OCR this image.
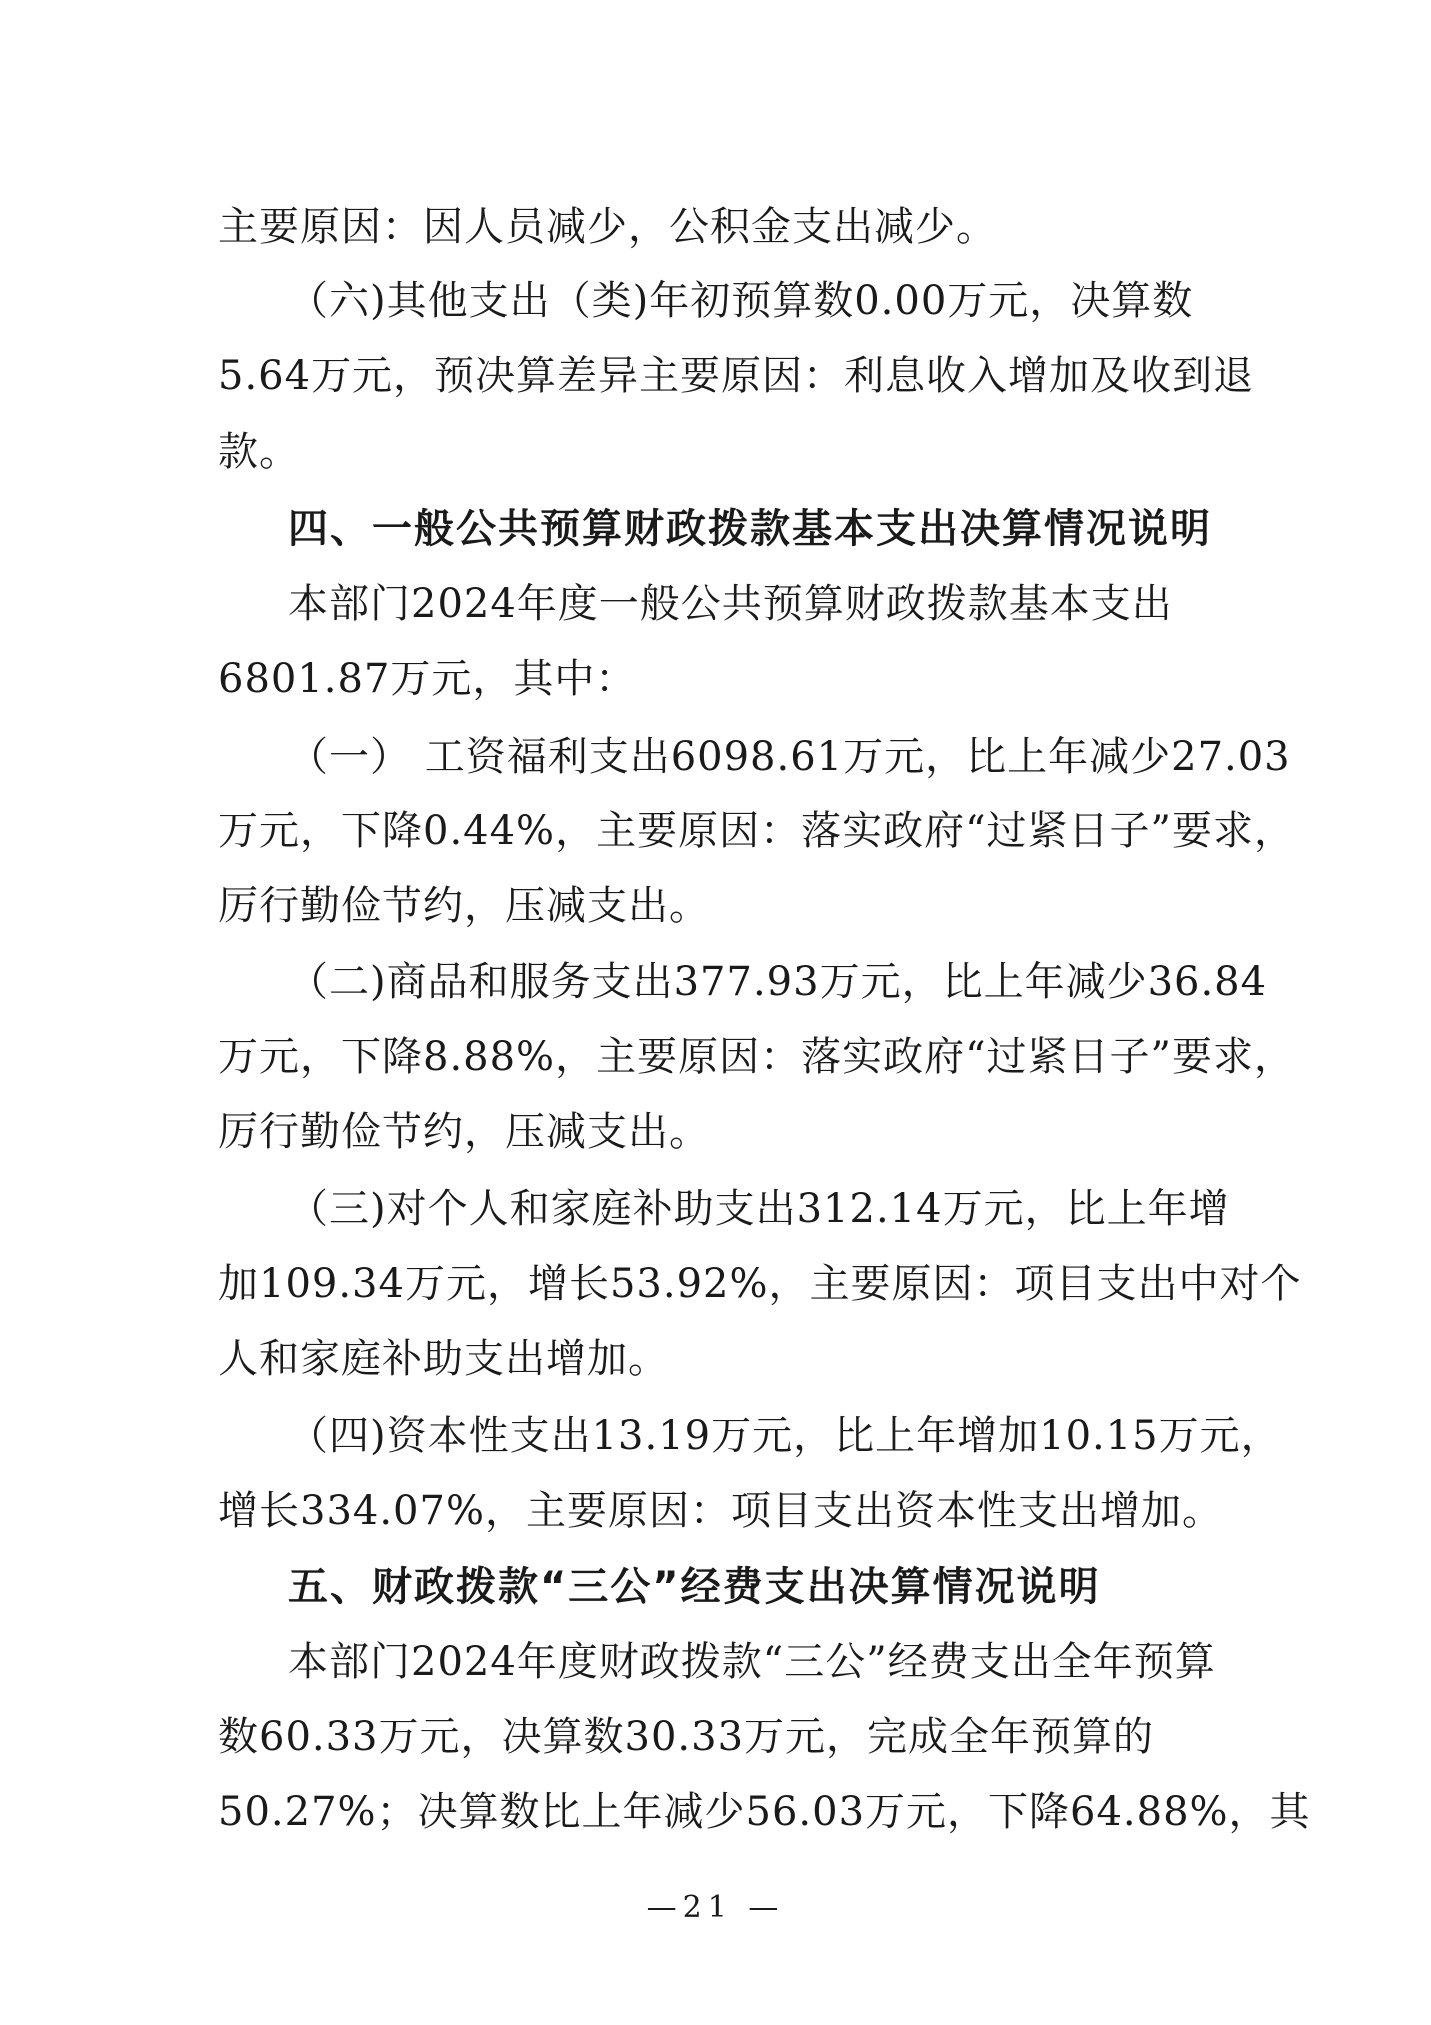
主要原因：因人员减少，公积金支出减少。
（六)其他支出（类)年初预算数0.00万元，决算数
5.64万元，预决算差异主要原因：利息收入增加及收到退
款。
四、一般公共预算财政拨款基本支出决算情况说明
本部门2024年度一般公共预算财政拨款基本支出
6801.87万元，其中：
（一） 工资福利支出6098.61万元，比上年减少27.03
万元，下降0.44%，主要原因：落实政府“过紧日子”要求，
厉行勤俭节约，压减支出。
（二)商品和服务支出377.93万元，比上年减少36.84
万元，下降8.88%，主要原因：落实政府“过紧日子”要求，
厉行勤俭节约，压减支出。
（三)对个人和家庭补助支出312.14万元，比上年增
加109.34万元，增长53.92%，主要原因：项目支出中对个
人和家庭补助支出增加。
（四)资本性支出13.19万元，比上年增加10.15万元，
增长334.07%，主要原因：项目支出资本性支出增加。
五、财政拨款“三公”经费支出决算情况说明
本部门2024年度财政拨款“三公”经费支出全年预算
数60.33万元，决算数30.33万元，完成全年预算的
50.27%；决算数比上年减少56.03万元，下降64.88%，其
—21 —
